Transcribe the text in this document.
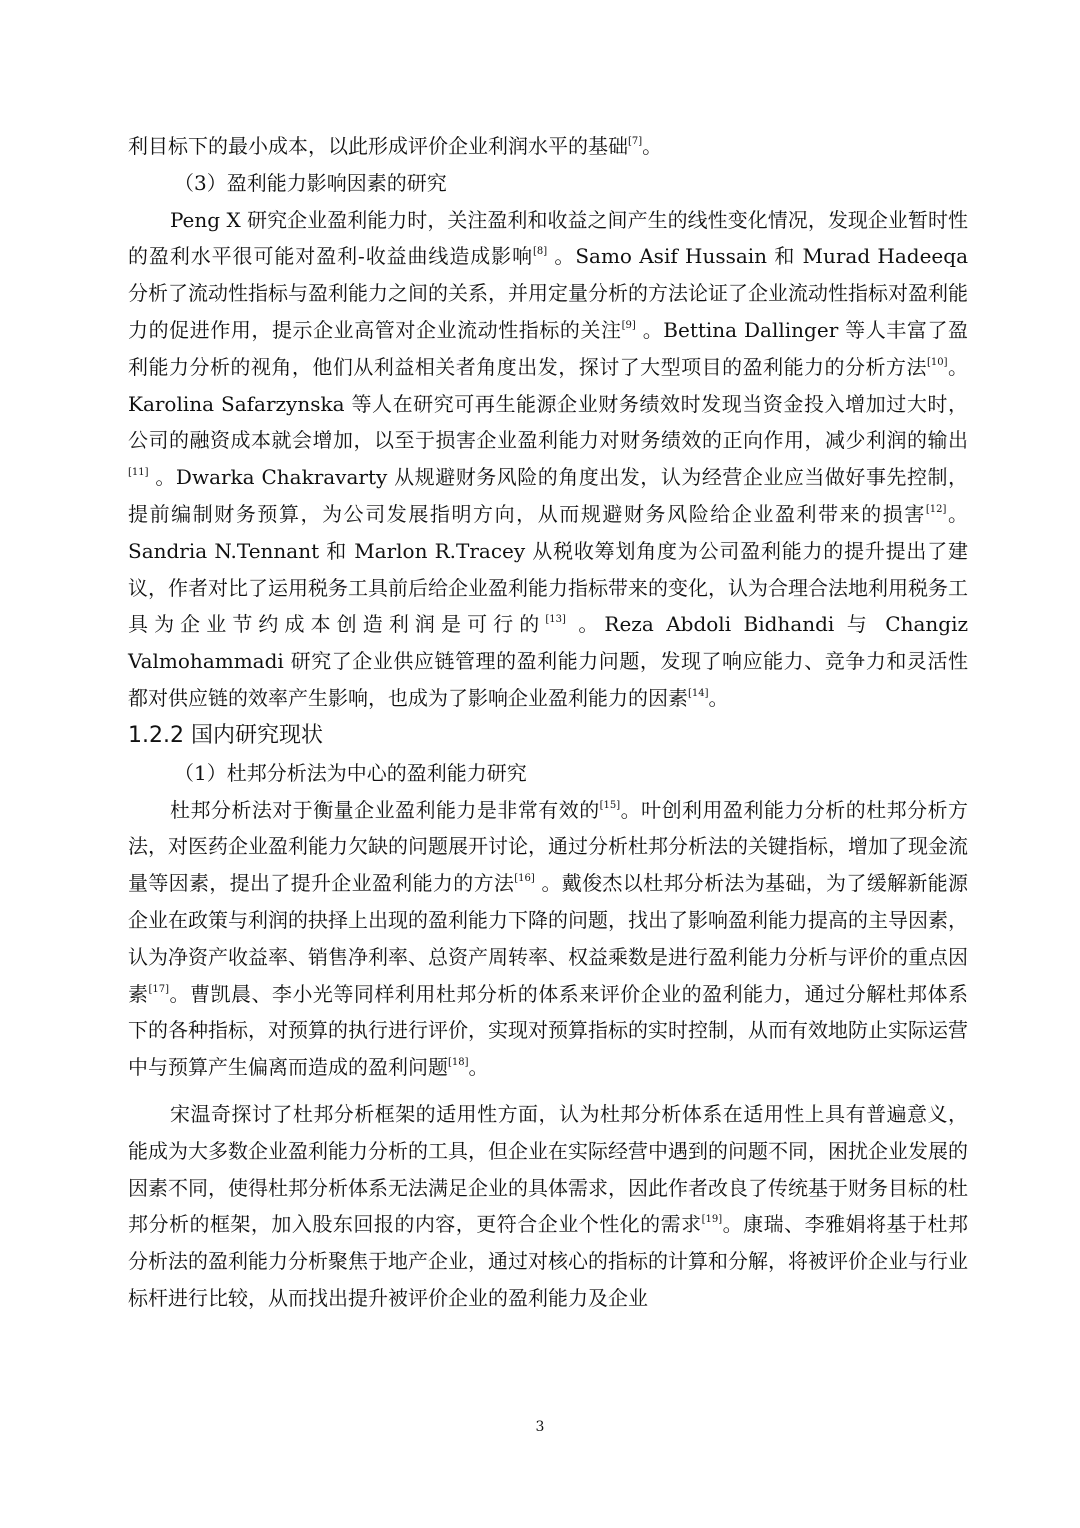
利目标下的最小成本，以此形成评价企业利润水平的基础[7]。

（3）盈利能力影响因素的研究

Peng X 研究企业盈利能力时，关注盈利和收益之间产生的线性变化情况，发现企业暂时性的盈利水平很可能对盈利-收益曲线造成影响[8] 。Samo Asif Hussain 和 Murad Hadeeqa 分析了流动性指标与盈利能力之间的关系，并用定量分析的方法论证了企业流动性指标对盈利能力的促进作用，提示企业高管对企业流动性指标的关注[9] 。Bettina Dallinger 等人丰富了盈利能力分析的视角，他们从利益相关者角度出发，探讨了大型项目的盈利能力的分析方法[10]。Karolina Safarzynska 等人在研究可再生能源企业财务绩效时发现当资金投入增加过大时，公司的融资成本就会增加，以至于损害企业盈利能力对财务绩效的正向作用，减少利润的输出[11] 。Dwarka Chakravarty 从规避财务风险的角度出发，认为经营企业应当做好事先控制，提前编制财务预算，为公司发展指明方向，从而规避财务风险给企业盈利带来的损害[12]。Sandria N.Tennant 和 Marlon R.Tracey 从税收筹划角度为公司盈利能力的提升提出了建议，作者对比了运用税务工具前后给企业盈利能力指标带来的变化，认为合理合法地利用税务工具为企业节约成本创造利润是可行的[13] 。Reza Abdoli Bidhandi 与 Changiz Valmohammadi 研究了企业供应链管理的盈利能力问题，发现了响应能力、竞争力和灵活性都对供应链的效率产生影响，也成为了影响企业盈利能力的因素[14]。

1.2.2 国内研究现状

（1）杜邦分析法为中心的盈利能力研究

杜邦分析法对于衡量企业盈利能力是非常有效的[15]。叶创利用盈利能力分析的杜邦分析方法，对医药企业盈利能力欠缺的问题展开讨论，通过分析杜邦分析法的关键指标，增加了现金流量等因素，提出了提升企业盈利能力的方法[16] 。戴俊杰以杜邦分析法为基础，为了缓解新能源企业在政策与利润的抉择上出现的盈利能力下降的问题，找出了影响盈利能力提高的主导因素，认为净资产收益率、销售净利率、总资产周转率、权益乘数是进行盈利能力分析与评价的重点因素[17]。曹凯晨、李小光等同样利用杜邦分析的体系来评价企业的盈利能力，通过分解杜邦体系下的各种指标，对预算的执行进行评价，实现对预算指标的实时控制，从而有效地防止实际运营中与预算产生偏离而造成的盈利问题[18]。

宋温奇探讨了杜邦分析框架的适用性方面，认为杜邦分析体系在适用性上具有普遍意义，能成为大多数企业盈利能力分析的工具，但企业在实际经营中遇到的问题不同，困扰企业发展的因素不同，使得杜邦分析体系无法满足企业的具体需求，因此作者改良了传统基于财务目标的杜邦分析的框架，加入股东回报的内容，更符合企业个性化的需求[19]。康瑞、李雅娟将基于杜邦分析法的盈利能力分析聚焦于地产企业，通过对核心的指标的计算和分解，将被评价企业与行业标杆进行比较，从而找出提升被评价企业的盈利能力及企业

3
